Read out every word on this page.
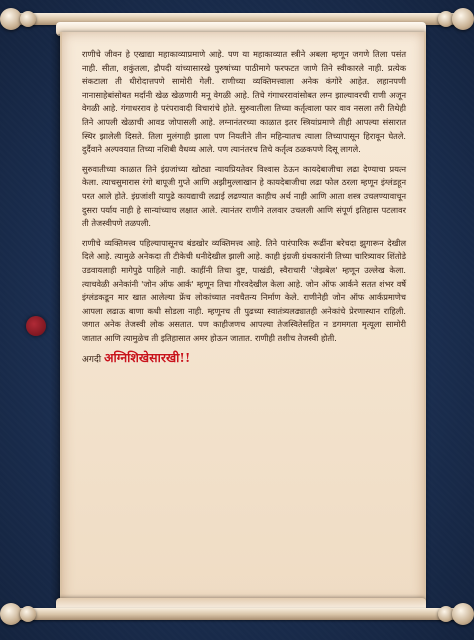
राणीचे जीवन हे एखाद्या महाकाव्याप्रमाणे आहे. पण या महाकाव्यात स्त्रीने अबला म्हणून जगणे तिला पसंत नाही. सीता, शकुंतला, द्रौपदी यांच्यासारखे पुरुषांच्या पाठीमागे फरफटत जाणे तिने स्वीकारले नाही. प्रत्येक संकटाला ती धीरोदात्तपणे सामोरी गेली. राणीच्या व्यक्तिमत्त्वाला अनेक कंगोरे आहेत. लहानपणी नानासाहेबांसोबत मर्दानी खेळ खेळणारी मनू वेगळी आहे. तिचे गंगाधररावांसोबत लग्न झाल्यावरची राणी अजून वेगळी आहे. गंगाधरराव हे परंपरावादी विचारांचे होते. सुरुवातीला तिच्या कर्तृत्वाला फार वाव नसला तरी तिथेही तिने आपली खेळाची आवड जोपासली आहे. लग्नानंतरच्या काळात इतर स्त्रियांप्रमाणे तीही आपल्या संसारात स्थिर झालेली दिसते. तिला मुलंगाही झाला पण नियतीने तीन महिन्यातच त्याला तिच्यापासून हिरावून घेतले. दुर्दैवाने अल्पवयात तिच्या नशिबी वैधव्य आले. पण त्यानंतरच तिचे कर्तृत्व ठळकपणे दिसू लागले.

सुरुवातीच्या काळात तिने इंग्रजांच्या खोट्या न्यायप्रियतेवर विश्वास ठेऊन कायदेबाजीचा लढा देण्याचा प्रयत्न केला. त्याचसुमारास रंगो बापूजी गुप्ते आणि अझीमुल्लाखान हे कायदेबाजीचा लढा फोल ठरला म्हणून इंग्लंडहून परत आले होते. इंग्रजांशी यापुढे कायद्याची लढाई लढण्यात काहीच अर्थ नाही आणि आता शस्त्र उचलण्यावाचून दुसरा पर्याय नाही हे सान्यांच्याच लक्षात आले. त्यानंतर राणीने तलवार उचलली आणि संपूर्ण इतिहास पटलावर ती तेजस्वीपणे तळपली.

राणीचे व्यक्तिमत्त्व पहिल्यापासूनच बंडखोर व्यक्तिमत्त्व आहे. तिने पारंपारिक रूढींना बरेचदा झुगारून देखील दिले आहे. त्यामुळे अनेकदा ती टीकेची धनीदेखील झाली आहे. काही इंग्रजी ग्रंथकारांनी तिच्या चारित्र्यावर शिंतोडे उडवायलाही मागेपुढे पाहिले नाही. काहींनी तिचा दुष्ट, पाखंडी, स्वैराचारी 'जेझबेल' म्हणून उल्लेख केला. त्याचवेळी अनेकांनी 'जोन ऑफ आर्क' म्हणून तिचा गौरवदेखील केला आहे. जोन ऑफ आर्कने सतत शंभर वर्षे इंग्लंडकडून मार खात आलेल्या फ्रेंच लोकांच्यात नवचैतन्य निर्माण केले. राणीनेही जोन ऑफ आर्कप्रमाणेच आपला लढाऊ बाणा कधी सोडला नाही. म्हणूनच ती पुढच्या स्वातंत्र्यलढ्यातही अनेकांचे प्रेरणास्थान राहिली. जगात अनेक तेजस्वी लोक असतात. पण काहीजणच आपल्या तेजस्वितेसहित न डगमगता मृत्यूला सामोरी जातात आणि त्यामुळेच ती इतिहासात अमर होऊन जातात. राणीही तशीच तेजस्वी होती.

अगदी अग्निशिखेसारखी!!
